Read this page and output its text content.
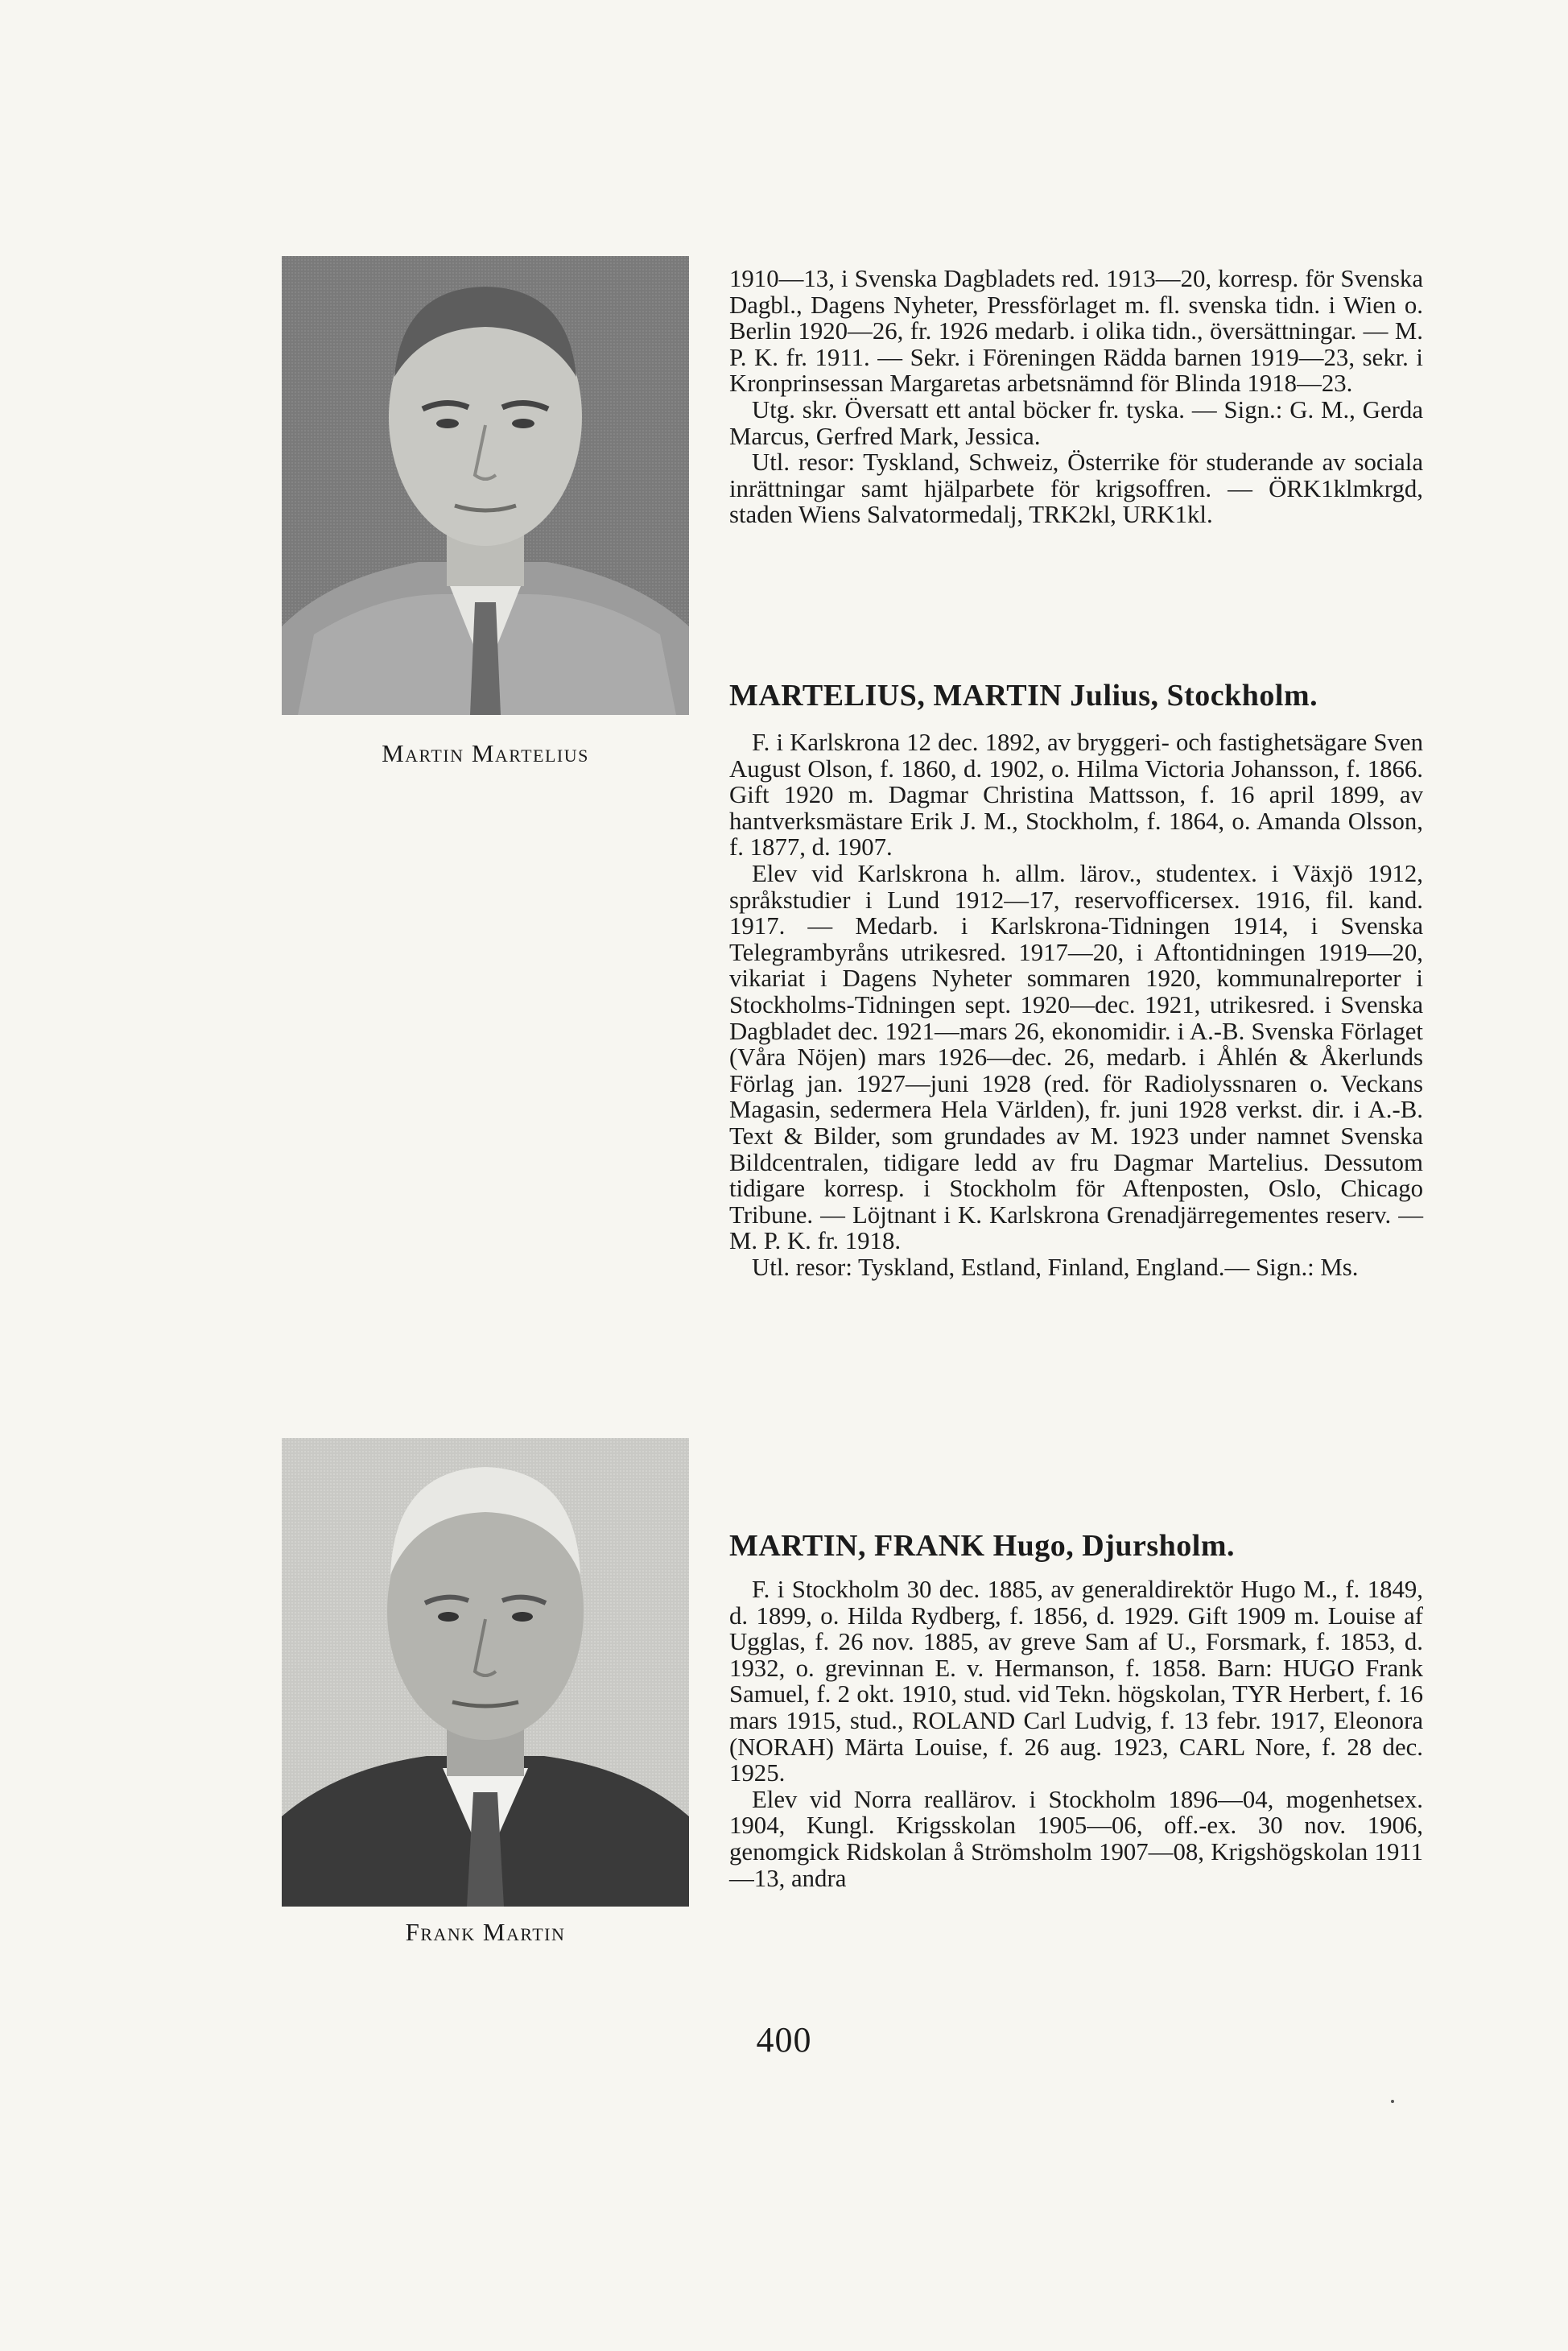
Martin Martelius
Frank Martin

1910—13, i Svenska Dagbladets red. 1913—20, korresp. för Svenska Dagbl., Dagens Nyheter, Pressförlaget m. fl. svenska tidn. i Wien o. Berlin 1920—26, fr. 1926 medarb. i olika tidn., översättningar. — M. P. K. fr. 1911. — Sekr. i Föreningen Rädda barnen 1919—23, sekr. i Kronprinsessan Margaretas arbetsnämnd för Blinda 1918—23.

Utg. skr. Översatt ett antal böcker fr. tyska. — Sign.: G. M., Gerda Marcus, Gerfred Mark, Jessica.

Utl. resor: Tyskland, Schweiz, Österrike för studerande av sociala inrättningar samt hjälparbete för krigsoffren. — ÖRK1klmkrgd, staden Wiens Salvatormedalj, TRK2kl, URK1kl.

MARTELIUS, MARTIN Julius, Stockholm.

F. i Karlskrona 12 dec. 1892, av bryggeri- och fastighetsägare Sven August Olson, f. 1860, d. 1902, o. Hilma Victoria Johansson, f. 1866. Gift 1920 m. Dagmar Christina Mattsson, f. 16 april 1899, av hantverksmästare Erik J. M., Stockholm, f. 1864, o. Amanda Olsson, f. 1877, d. 1907.

Elev vid Karlskrona h. allm. lärov., studentex. i Växjö 1912, språkstudier i Lund 1912—17, reservofficersex. 1916, fil. kand. 1917. — Medarb. i Karlskrona-Tidningen 1914, i Svenska Telegrambyråns utrikesred. 1917—20, i Aftontidningen 1919—20, vikariat i Dagens Nyheter sommaren 1920, kommunalreporter i Stockholms-Tidningen sept. 1920—dec. 1921, utrikesred. i Svenska Dagbladet dec. 1921—mars 26, ekonomidir. i A.-B. Svenska Förlaget (Våra Nöjen) mars 1926—dec. 26, medarb. i Åhlén & Åkerlunds Förlag jan. 1927—juni 1928 (red. för Radiolyssnaren o. Veckans Magasin, sedermera Hela Världen), fr. juni 1928 verkst. dir. i A.-B. Text & Bilder, som grundades av M. 1923 under namnet Svenska Bildcentralen, tidigare ledd av fru Dagmar Martelius. Dessutom tidigare korresp. i Stockholm för Aftenposten, Oslo, Chicago Tribune. — Löjtnant i K. Karlskrona Grenadjärregementes reserv. — M. P. K. fr. 1918.

Utl. resor: Tyskland, Estland, Finland, England.— Sign.: Ms.

MARTIN, FRANK Hugo, Djursholm.

F. i Stockholm 30 dec. 1885, av generaldirektör Hugo M., f. 1849, d. 1899, o. Hilda Rydberg, f. 1856, d. 1929. Gift 1909 m. Louise af Ugglas, f. 26 nov. 1885, av greve Sam af U., Forsmark, f. 1853, d. 1932, o. grevinnan E. v. Hermanson, f. 1858. Barn: HUGO Frank Samuel, f. 2 okt. 1910, stud. vid Tekn. högskolan, TYR Herbert, f. 16 mars 1915, stud., ROLAND Carl Ludvig, f. 13 febr. 1917, Eleonora (NORAH) Märta Louise, f. 26 aug. 1923, CARL Nore, f. 28 dec. 1925.

Elev vid Norra reallärov. i Stockholm 1896—04, mogenhetsex. 1904, Kungl. Krigsskolan 1905—06, off.-ex. 30 nov. 1906, genomgick Ridskolan å Strömsholm 1907—08, Krigshögskolan 1911—13, andra

400
